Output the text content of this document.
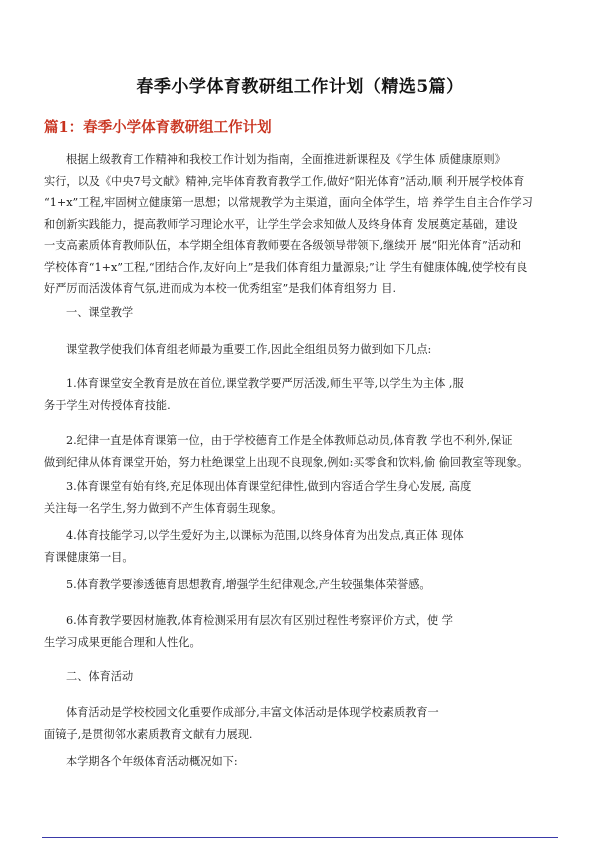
春季小学体育教研组工作计划（精选5篇）
篇1：春季小学体育教研组工作计划

根据上级教育工作精神和我校工作计划为指南，全面推进新课程及《学生体 质健康原则》
实行，以及《中央7号文献》精神,完毕体育教育教学工作,做好“阳光体育”活动,顺 利开展学校体育
“1+x”工程,牢固树立健康第一思想；以常规教学为主渠道，面向全体学生，培 养学生自主合作学习
和创新实践能力，提高教师学习理论水平，让学生学会求知做人及终身体育 发展奠定基础，建设
一支高素质体育教师队伍，本学期全组体育教师要在各级领导带领下,继续开 展“阳光体育”活动和
学校体育“1+x”工程,“团结合作,友好向上”是我们体育组力量源泉;”让 学生有健康体魄,使学校有良
好严厉而活泼体育气氛,进而成为本校一优秀组室”是我们体育组努力 目.

一、课堂教学

课堂教学使我们体育组老师最为重要工作,因此全组组员努力做到如下几点:

1.体育课堂安全教育是放在首位,课堂教学要严厉活泼,师生平等,以学生为主体 ,服
务于学生对传授体育技能.

2.纪律一直是体育课第一位，由于学校德育工作是全体教师总动员,体育教 学也不利外,保证
做到纪律从体育课堂开始，努力杜绝课堂上出现不良现象,例如:买零食和饮料,偷 偷回教室等现象。

3.体育课堂有始有终,充足体现出体育课堂纪律性,做到内容适合学生身心发展, 高度
关注每一名学生,努力做到不产生体育弱生现象。

4.体育技能学习,以学生爱好为主,以课标为范围,以终身体育为出发点,真正体 现体
育课健康第一目。

5.体育教学要渗透德育思想教育,增强学生纪律观念,产生较强集体荣誉感。

6.体育教学要因材施教,体育检测采用有层次有区别过程性考察评价方式，使 学
生学习成果更能合理和人性化。

二、体育活动

体育活动是学校校园文化重要作成部分,丰富文体活动是体现学校素质教育一
面镜子,是贯彻邻水素质教育文献有力展现.

本学期各个年级体育活动概况如下:
